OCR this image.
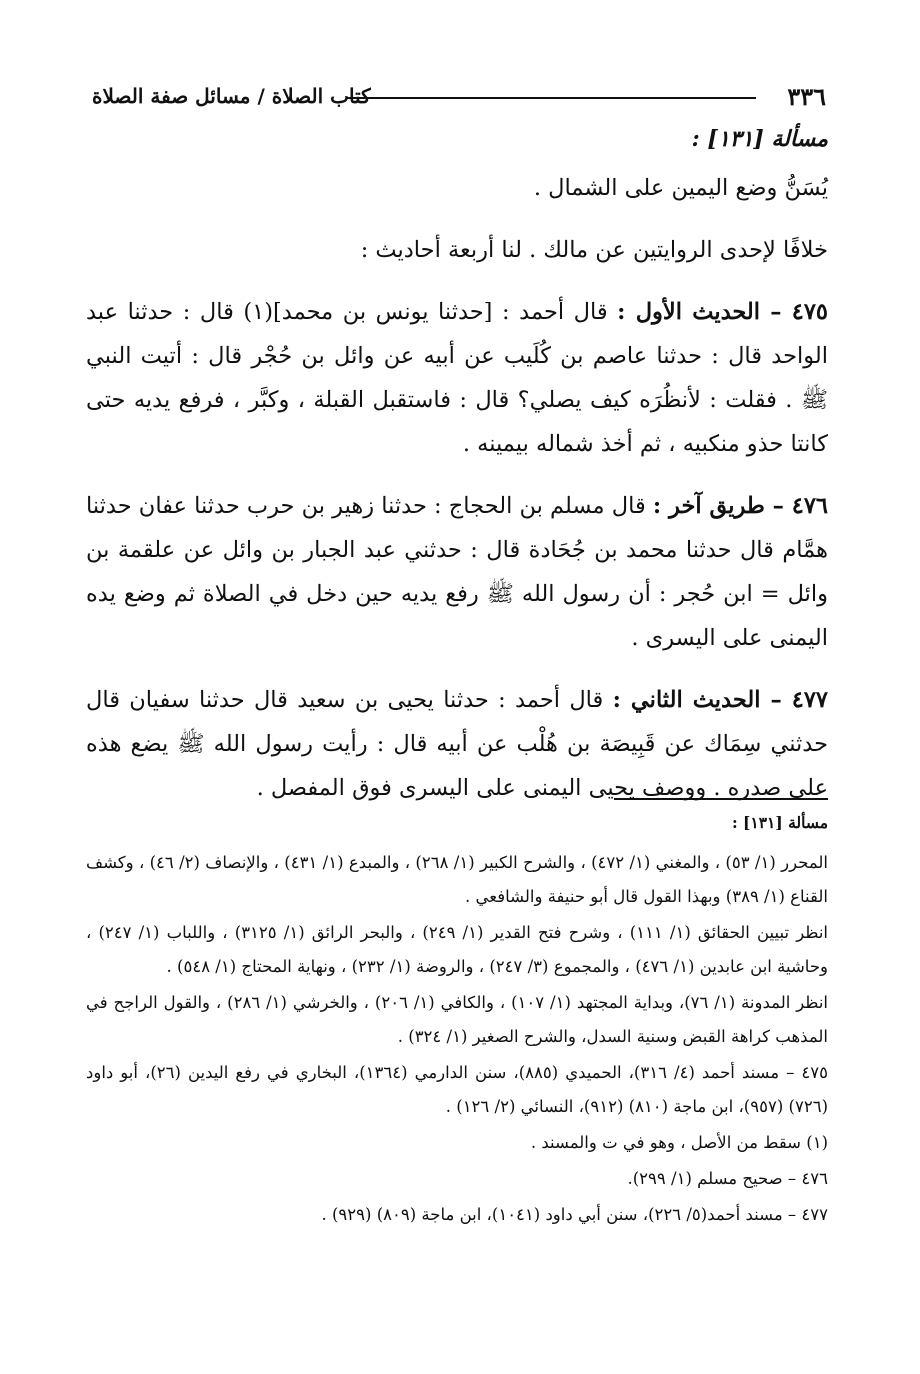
٣٣٦
كتاب الصلاة / مسائل صفة الصلاة

مسألة [١٣١] :

يُسَنُّ وضع اليمين على الشمال .

خلافًا لإحدى الروايتين عن مالك . لنا أربعة أحاديث :

٤٧٥ – الحديث الأول : قال أحمد : [حدثنا يونس بن محمد](١) قال : حدثنا عبد الواحد قال : حدثنا عاصم بن كُلَيب عن أبيه عن وائل بن حُجْر قال : أتيت النبي ﷺ . فقلت : لأنظُرَه كيف يصلي؟ قال : فاستقبل القبلة ، وكبَّر ، فرفع يديه حتى كانتا حذو منكبيه ، ثم أخذ شماله بيمينه .

٤٧٦ – طريق آخر : قال مسلم بن الحجاج : حدثنا زهير بن حرب حدثنا عفان حدثنا همَّام قال حدثنا محمد بن جُحَادة قال : حدثني عبد الجبار بن وائل عن علقمة بن وائل = ابن حُجر : أن رسول الله ﷺ رفع يديه حين دخل في الصلاة ثم وضع يده اليمنى على اليسرى .

٤٧٧ – الحديث الثاني : قال أحمد : حدثنا يحيى بن سعيد قال حدثنا سفيان قال حدثني سِمَاك عن قَبِيصَة بن هُلْب عن أبيه قال : رأيت رسول الله ﷺ يضع هذه على صدره . ووصف يحيى اليمنى على اليسرى فوق المفصل .

مسألة [١٣١] :

المحرر (١/ ٥٣) ، والمغني (١/ ٤٧٢) ، والشرح الكبير (١/ ٢٦٨) ، والمبدع (١/ ٤٣١) ، والإنصاف (٢/ ٤٦) ، وكشف القناع (١/ ٣٨٩) وبهذا القول قال أبو حنيفة والشافعي .

انظر تبيين الحقائق (١/ ١١١) ، وشرح فتح القدير (١/ ٢٤٩) ، والبحر الرائق (١/ ٣١٢٥) ، واللباب (١/ ٢٤٧) ، وحاشية ابن عابدين (١/ ٤٧٦) ، والمجموع (٣/ ٢٤٧) ، والروضة (١/ ٢٣٢) ، ونهاية المحتاج (١/ ٥٤٨) .

انظر المدونة (١/ ٧٦)، وبداية المجتهد (١/ ١٠٧) ، والكافي (١/ ٢٠٦) ، والخرشي (١/ ٢٨٦) ، والقول الراجح في المذهب كراهة القبض وسنية السدل، والشرح الصغير (١/ ٣٢٤) .

٤٧٥ – مسند أحمد (٤/ ٣١٦)، الحميدي (٨٨٥)، سنن الدارمي (١٣٦٤)، البخاري في رفع اليدين (٢٦)، أبو داود (٧٢٦) (٩٥٧)، ابن ماجة (٨١٠) (٩١٢)، النسائي (٢/ ١٢٦) .

(١) سقط من الأصل ، وهو في ت والمسند .

٤٧٦ – صحيح مسلم (١/ ٢٩٩).

٤٧٧ – مسند أحمد(٥/ ٢٢٦)، سنن أبي داود (١٠٤١)، ابن ماجة (٨٠٩) (٩٢٩) .
